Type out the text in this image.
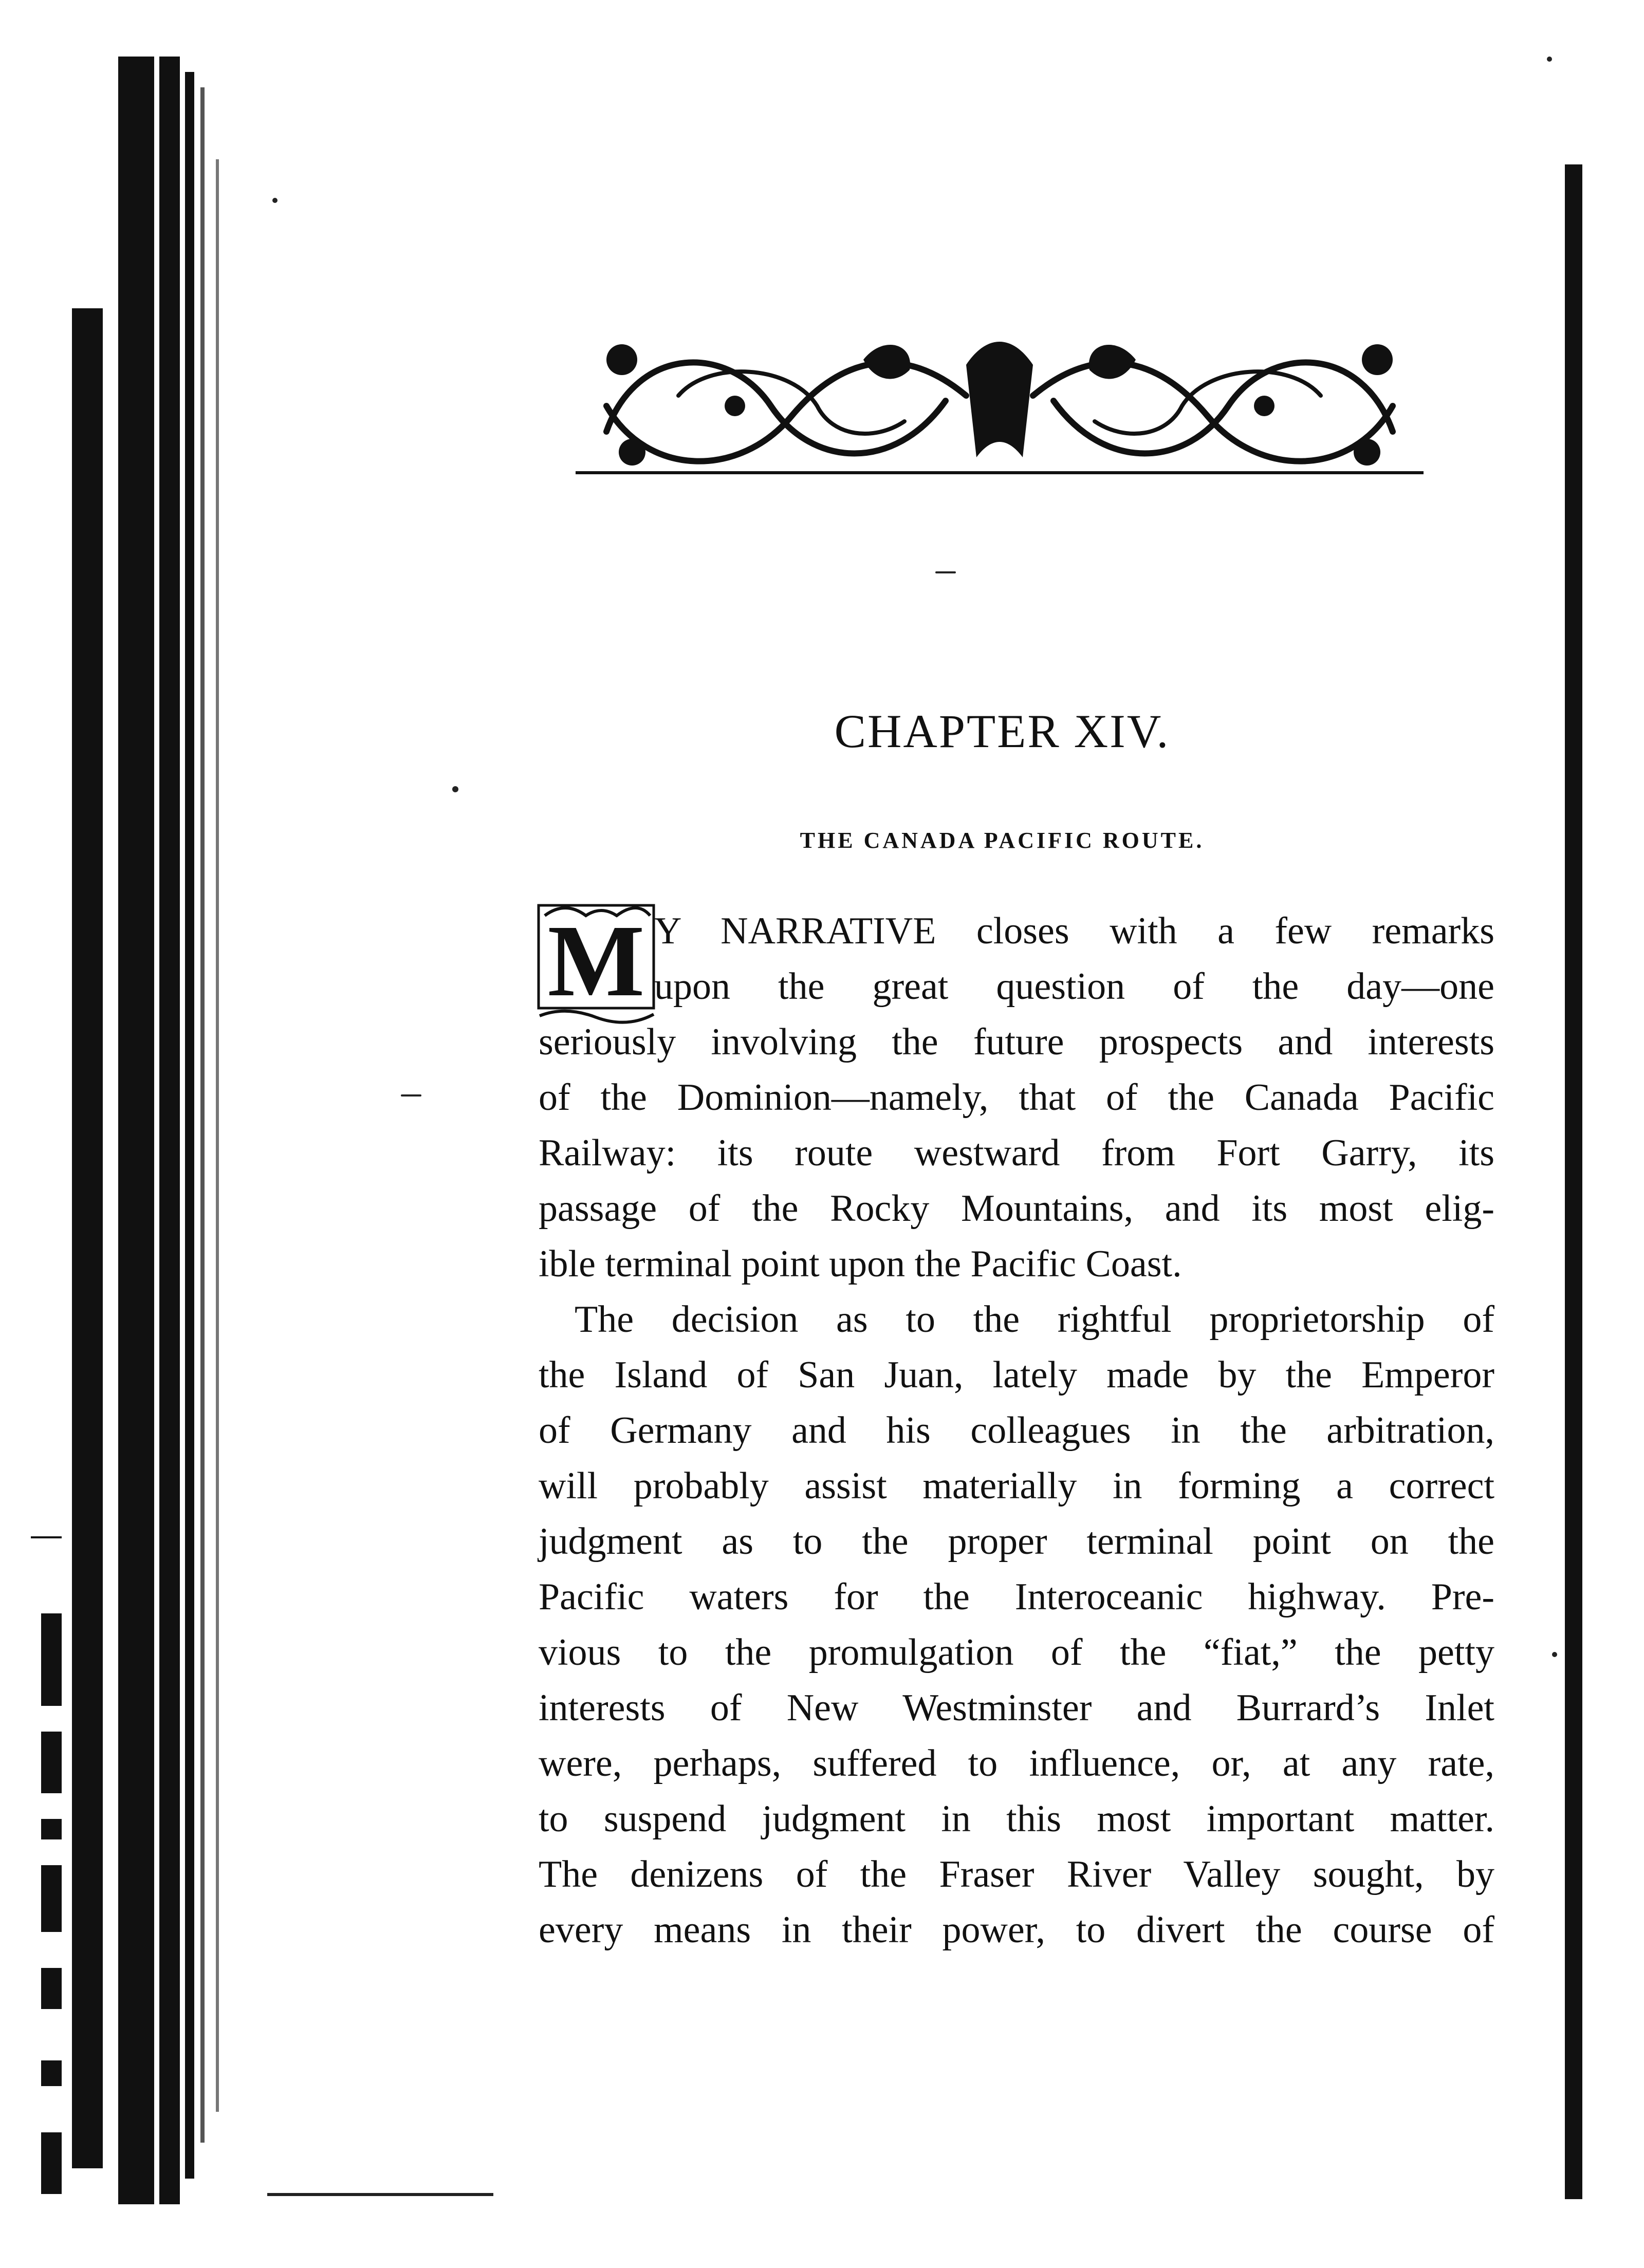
CHAPTER XIV.
THE CANADA PACIFIC ROUTE.
M Y NARRATIVE closes with a few remarks
upon the great question of the day—one
seriously involving the future prospects and interests
of the Dominion—namely, that of the Canada Pacific
Railway: its route westward from Fort Garry, its
passage of the Rocky Mountains, and its most elig-
ible terminal point upon the Pacific Coast.
The decision as to the rightful proprietorship of
the Island of San Juan, lately made by the Emperor
of Germany and his colleagues in the arbitration,
will probably assist materially in forming a correct
judgment as to the proper terminal point on the
Pacific waters for the Interoceanic highway. Pre-
vious to the promulgation of the “fiat,” the petty
interests of New Westminster and Burrard’s Inlet
were, perhaps, suffered to influence, or, at any rate,
to suspend judgment in this most important matter.
The denizens of the Fraser River Valley sought, by
every means in their power, to divert the course of
